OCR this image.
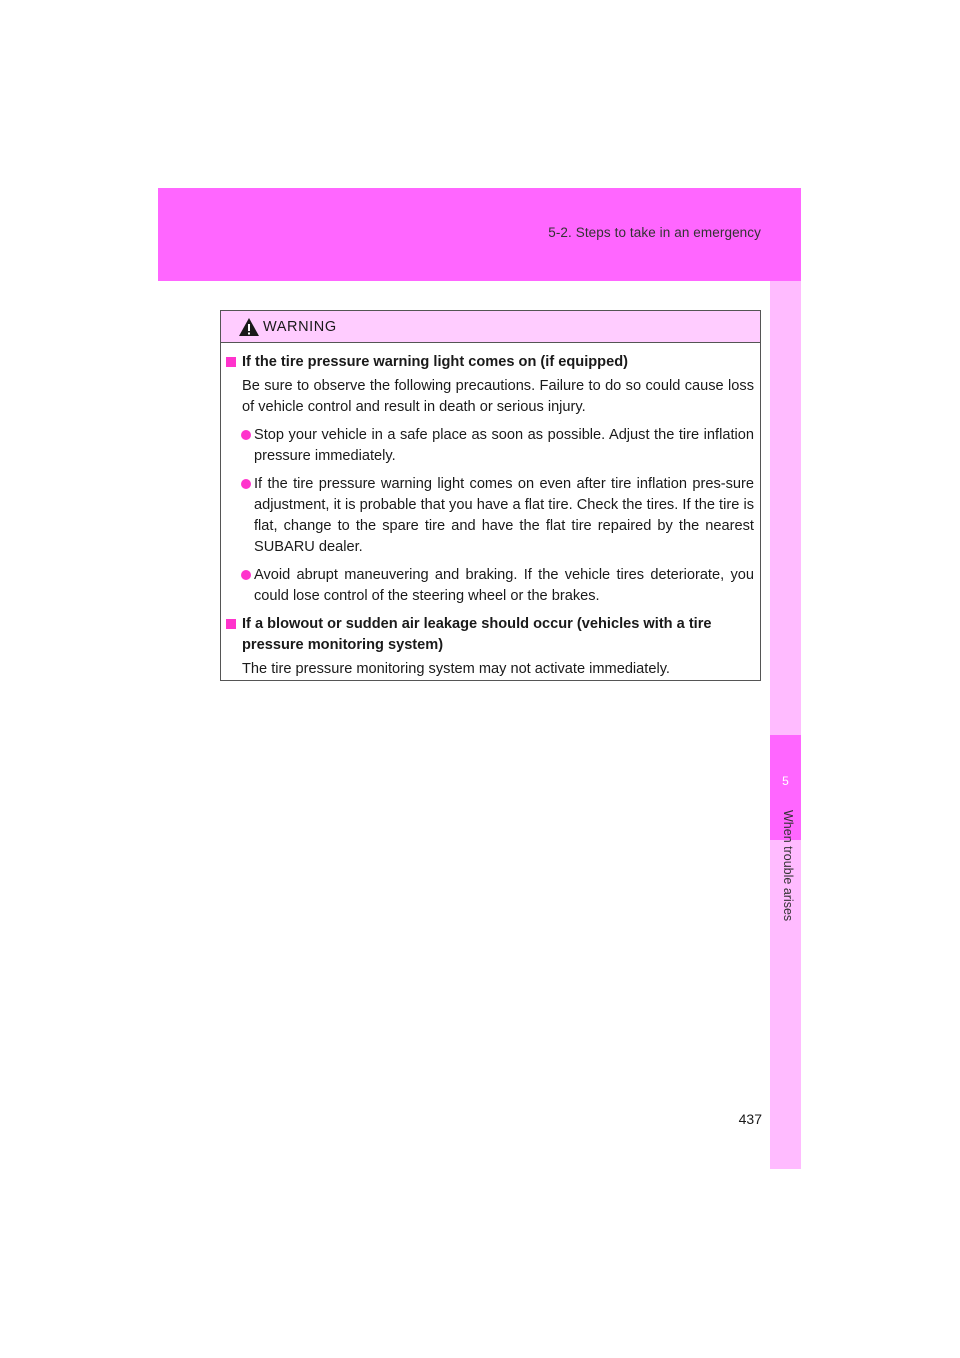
5-2. Steps to take in an emergency
5
When trouble arises
WARNING
If the tire pressure warning light comes on (if equipped)
Be sure to observe the following precautions. Failure to do so could cause loss of vehicle control and result in death or serious injury.
Stop your vehicle in a safe place as soon as possible. Adjust the tire inflation pressure immediately.
If the tire pressure warning light comes on even after tire inflation pres-sure adjustment, it is probable that you have a flat tire. Check the tires. If the tire is flat, change to the spare tire and have the flat tire repaired by the nearest SUBARU dealer.
Avoid abrupt maneuvering and braking. If the vehicle tires deteriorate, you could lose control of the steering wheel or the brakes.
If a blowout or sudden air leakage should occur (vehicles with a tire pressure monitoring system)
The tire pressure monitoring system may not activate immediately.
437
